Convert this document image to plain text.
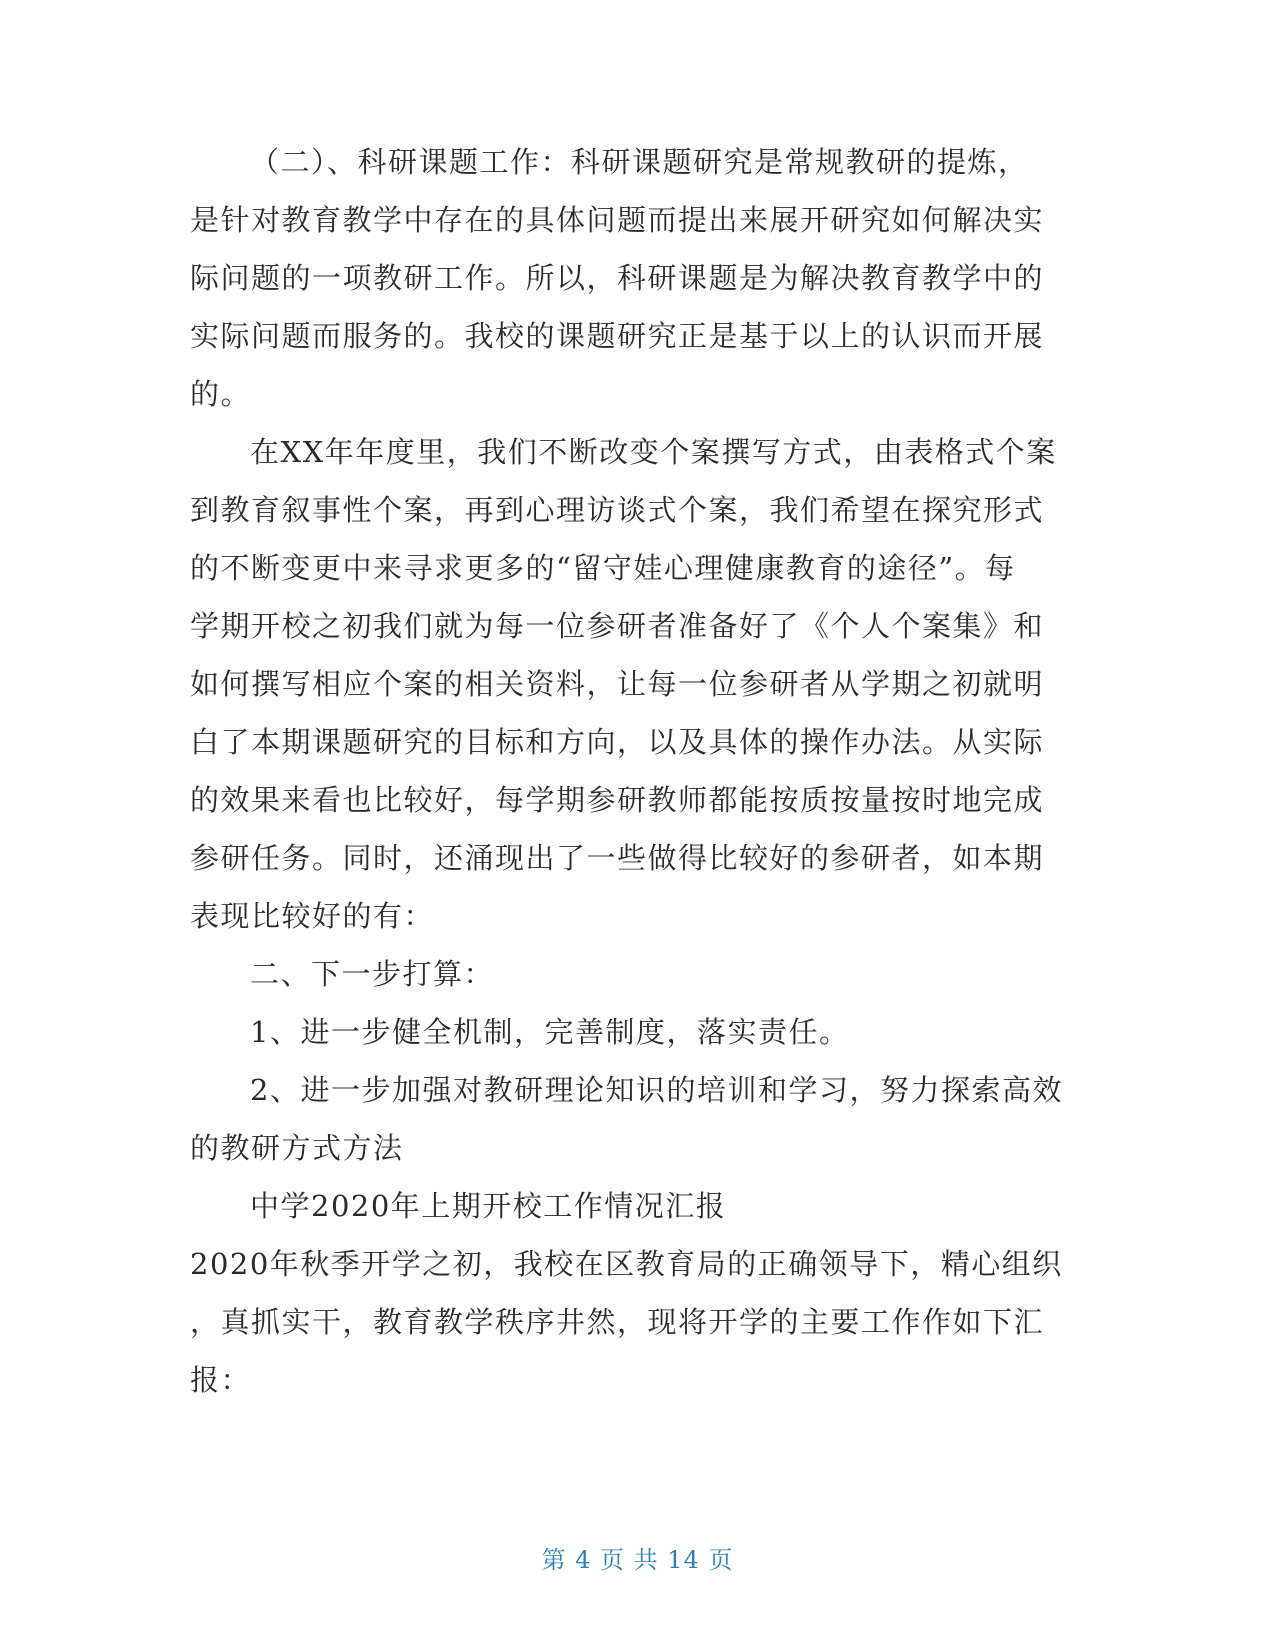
（二）、科研课题工作：科研课题研究是常规教研的提炼，
是针对教育教学中存在的具体问题而提出来展开研究如何解决实
际问题的一项教研工作。所以，科研课题是为解决教育教学中的
实际问题而服务的。我校的课题研究正是基于以上的认识而开展
的。
在XX年年度里，我们不断改变个案撰写方式，由表格式个案
到教育叙事性个案，再到心理访谈式个案，我们希望在探究形式
的不断变更中来寻求更多的“留守娃心理健康教育的途径”。每
学期开校之初我们就为每一位参研者准备好了《个人个案集》和
如何撰写相应个案的相关资料，让每一位参研者从学期之初就明
白了本期课题研究的目标和方向，以及具体的操作办法。从实际
的效果来看也比较好，每学期参研教师都能按质按量按时地完成
参研任务。同时，还涌现出了一些做得比较好的参研者，如本期
表现比较好的有：
二、下一步打算：
1、进一步健全机制，完善制度，落实责任。
2、进一步加强对教研理论知识的培训和学习，努力探索高效
的教研方式方法
中学2020年上期开校工作情况汇报
2020年秋季开学之初，我校在区教育局的正确领导下，精心组织
，真抓实干，教育教学秩序井然，现将开学的主要工作作如下汇
报：
第 4 页 共 14 页
